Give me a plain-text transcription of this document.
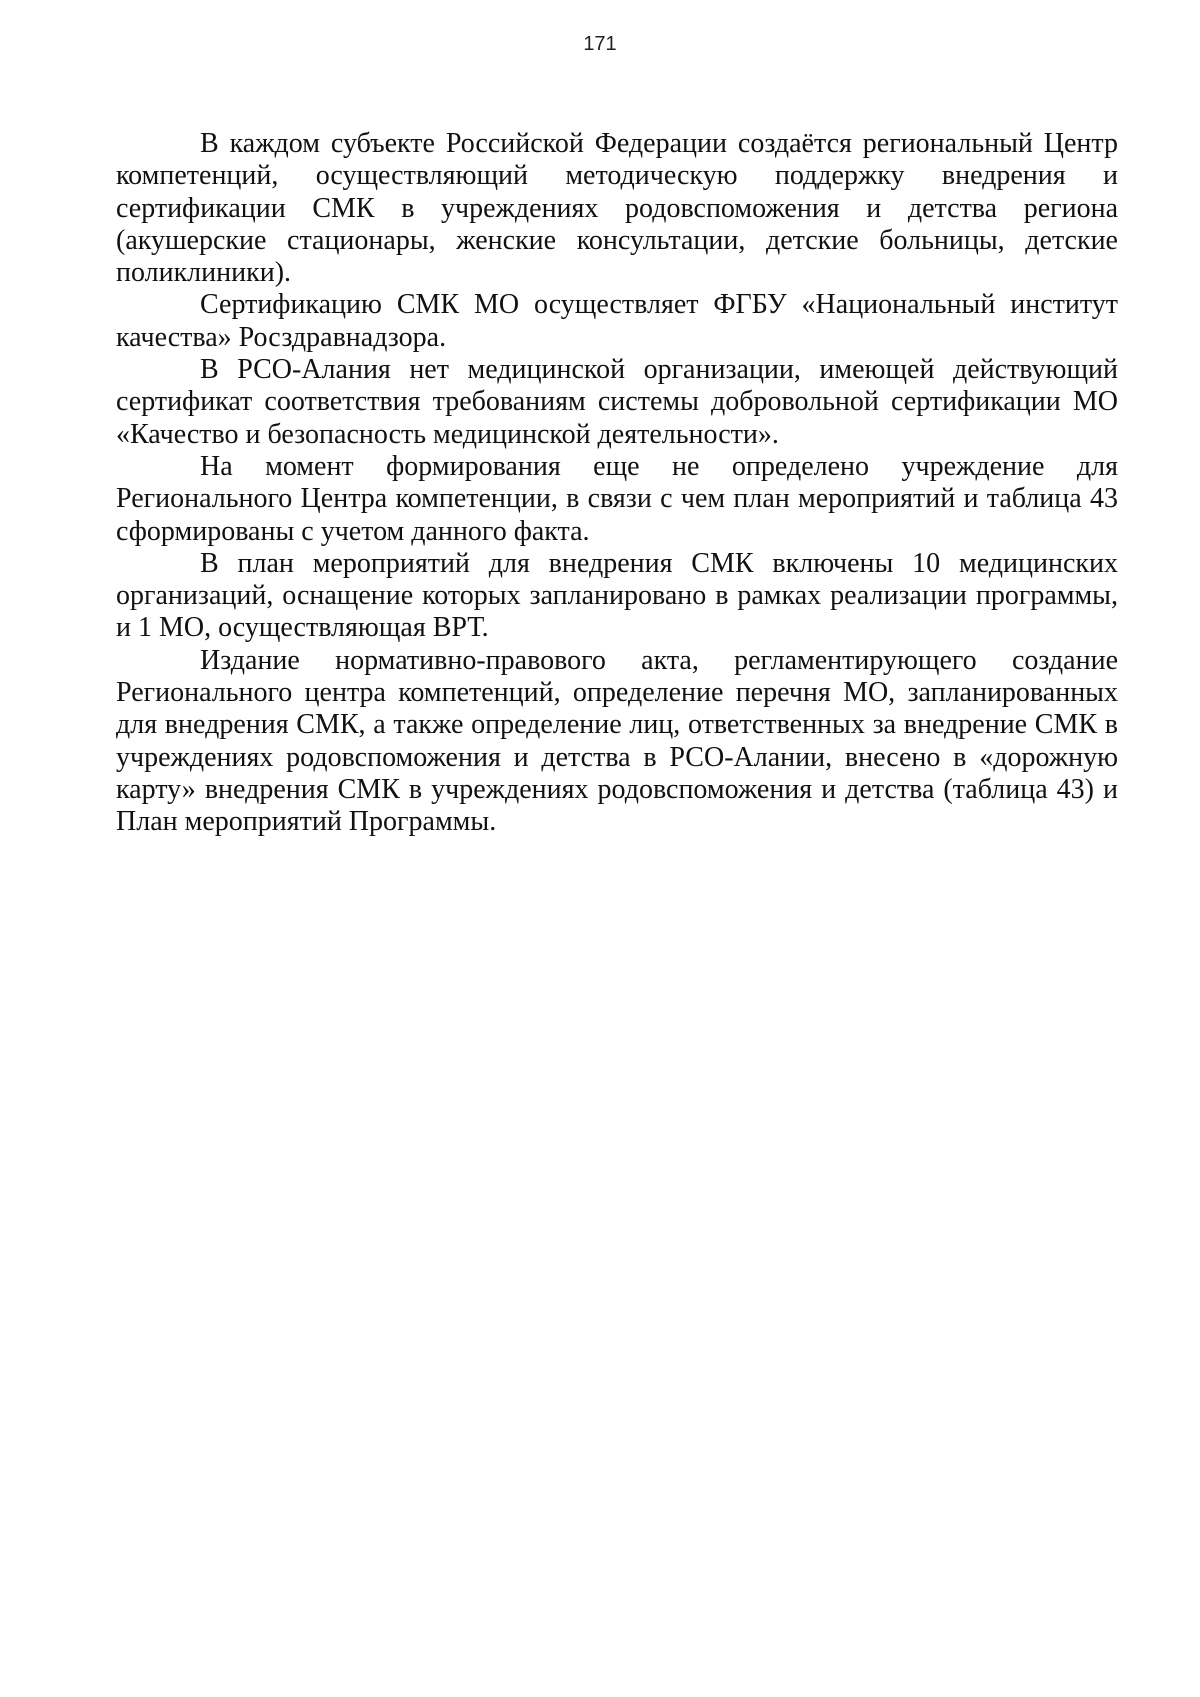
171

В каждом субъекте Российской Федерации создаётся региональный Центр компетенций, осуществляющий методическую поддержку внедрения и сертификации СМК в учреждениях родовспоможения и детства региона (акушерские стационары, женские консультации, детские больницы, детские поликлиники).

Сертификацию СМК МО осуществляет ФГБУ «Национальный институт качества» Росздравнадзора.

В РСО-Алания нет медицинской организации, имеющей действующий сертификат соответствия требованиям системы добровольной сертификации МО «Качество и безопасность медицинской деятельности».

На момент формирования еще не определено учреждение для Регионального Центра компетенции, в связи с чем план мероприятий и таблица 43 сформированы с учетом данного факта.

В план мероприятий для внедрения СМК включены 10 медицинских организаций, оснащение которых запланировано в рамках реализации программы, и 1 МО, осуществляющая ВРТ.

Издание нормативно-правового акта, регламентирующего создание Регионального центра компетенций, определение перечня МО, запланированных для внедрения СМК, а также определение лиц, ответственных за внедрение СМК в учреждениях родовспоможения и детства в РСО-Алании, внесено в «дорожную карту» внедрения СМК в учреждениях родовспоможения и детства (таблица 43) и План мероприятий Программы.
